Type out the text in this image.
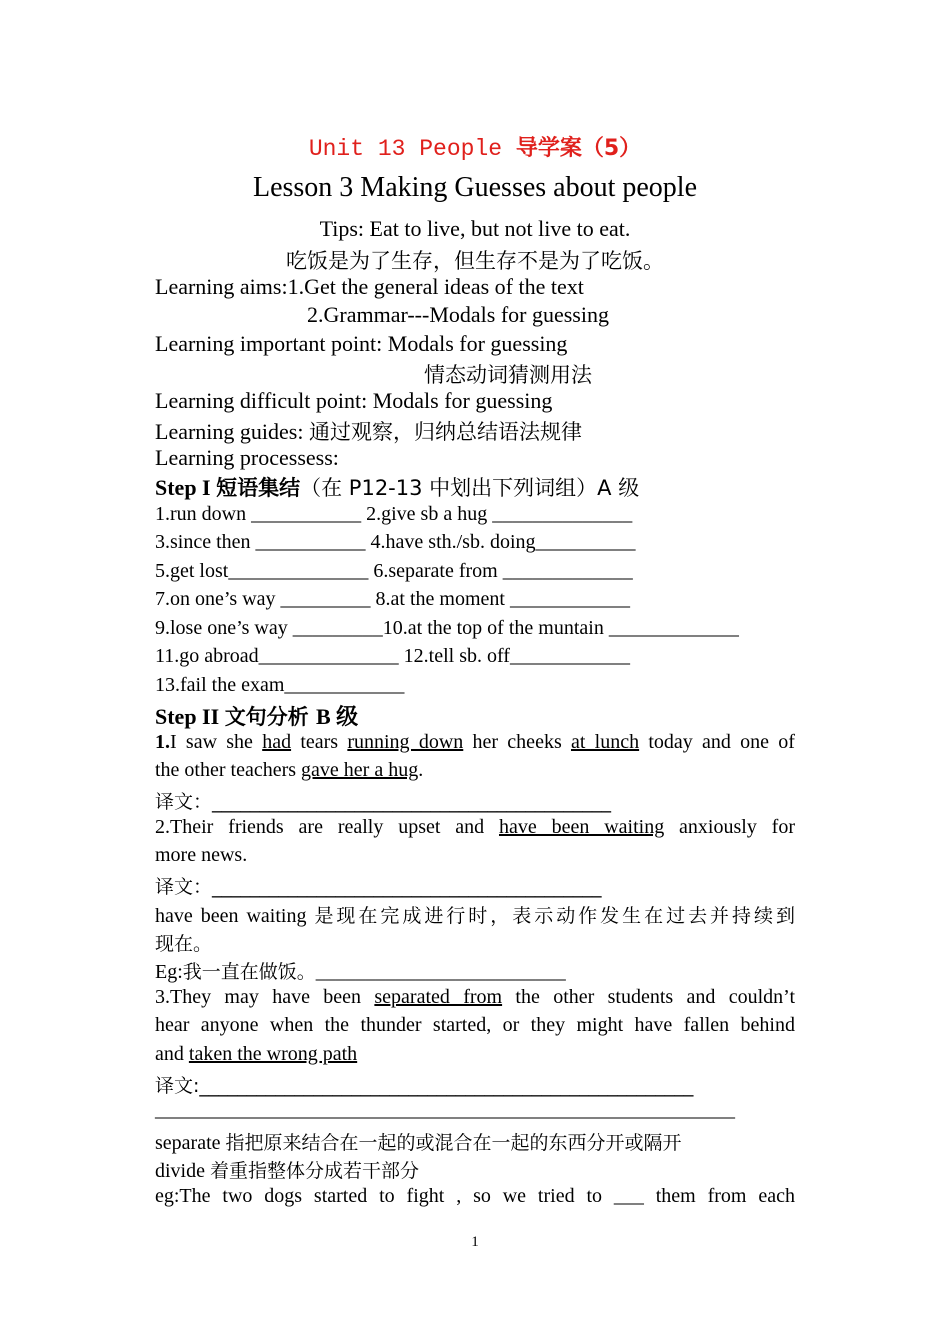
Unit 13 People 导学案（5）
Lesson 3 Making Guesses about people
Tips: Eat to live, but not live to eat.
吃饭是为了生存，但生存不是为了吃饭。
Learning aims:1.Get the general ideas of the text
2.Grammar---Modals for guessing
Learning important point: Modals for guessing
情态动词猜测用法
Learning difficult point: Modals for guessing
Learning guides: 通过观察，归纳总结语法规律
Learning processess:
Step I 短语集结（在 P12-13 中划出下列词组）A 级
1.run down ___________ 2.give sb a hug ______________
3.since then ___________ 4.have sth./sb. doing__________
5.get lost______________ 6.separate from _____________
7.on one’s way _________ 8.at the moment ____________
9.lose one’s way _________10.at the top of the muntain _____________
11.go abroad______________ 12.tell sb. off____________
13.fail the exam____________
Step II 文句分析 B 级
1.I saw she had tears running down her cheeks at lunch today and one of
the other teachers gave her a hug.
译文：__________________________________________
2.Their friends are really upset and have been waiting anxiously for
more news.
译文：_________________________________________
have been waiting 是现在完成进行时，表示动作发生在过去并持续到
现在。
Eg:我一直在做饭。_________________________
3.They may have been separated from the other students and couldn’t
hear anyone when the thunder started, or they might have fallen behind
and taken the wrong path
译文:____________________________________________________
__________________________________________________________
separate 指把原来结合在一起的或混合在一起的东西分开或隔开
divide 着重指整体分成若干部分
eg:The two dogs started to fight , so we tried to ___ them from each
1
